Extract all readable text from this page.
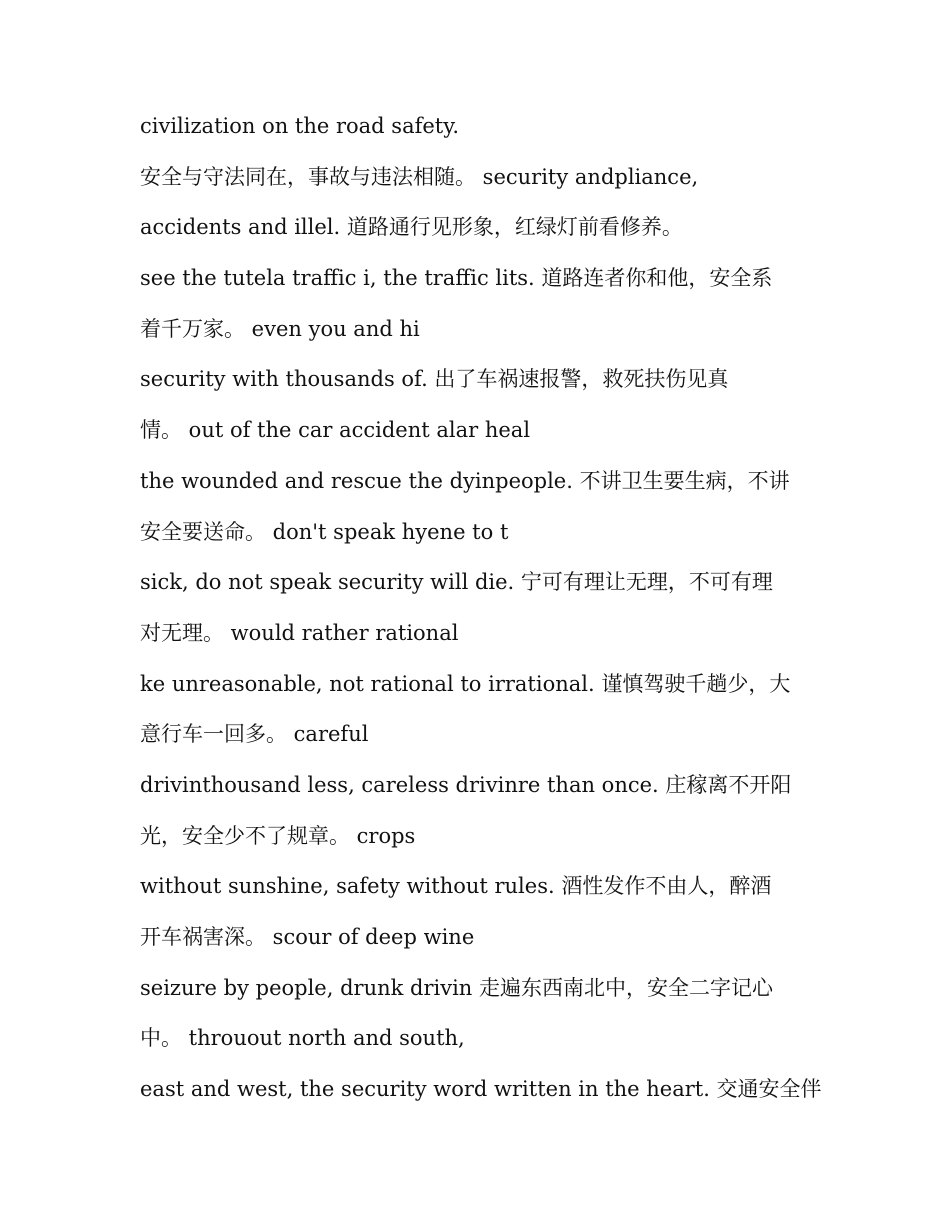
civilization on the road safety.
安全与守法同在，事故与违法相随。 security andpliance,
accidents and illel. 道路通行见形象，红绿灯前看修养。
see the tutela traffic i, the traffic lits. 道路连者你和他，安全系
着千万家。 even you and hi
security with thousands of. 出了车祸速报警，救死扶伤见真
情。 out of the car accident alar heal
the wounded and rescue the dyinpeople. 不讲卫生要生病，不讲
安全要送命。 don't speak hyene to t
sick, do not speak security will die. 宁可有理让无理，不可有理
对无理。 would rather rational
ke unreasonable, not rational to irrational. 谨慎驾驶千趟少，大
意行车一回多。 careful
drivinthousand less, careless drivinre than once. 庄稼离不开阳
光，安全少不了规章。 crops
without sunshine, safety without rules. 酒性发作不由人，醉酒
开车祸害深。 scour of deep wine
seizure by people, drunk drivin 走遍东西南北中，安全二字记心
中。 throuout north and south,
east and west, the security word written in the heart. 交通安全伴
